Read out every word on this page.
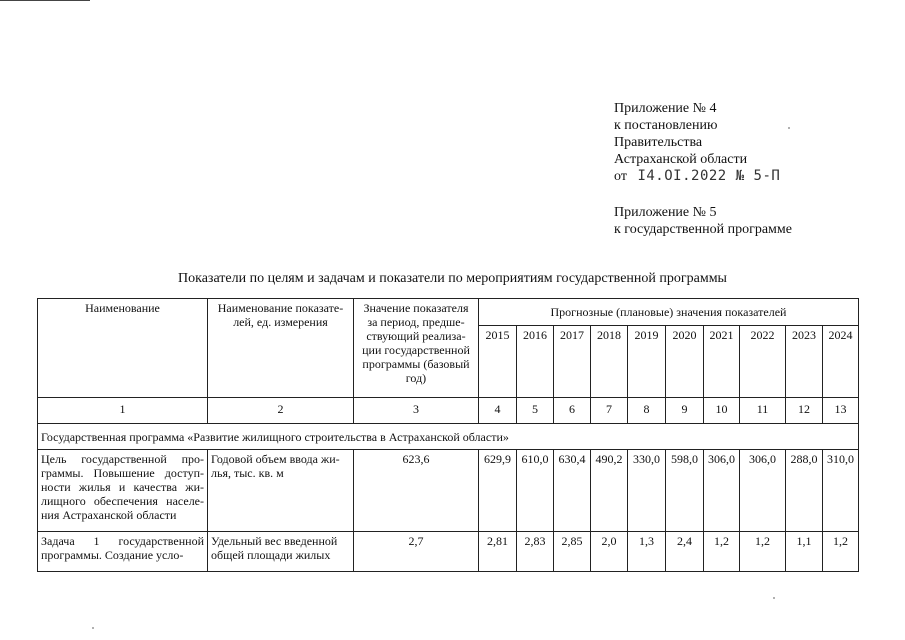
Приложение № 4
к постановлению
Правительства
Астраханской области
от I4.OI.2022 № 5-П
Приложение № 5
к государственной программе
Показатели по целям и задачам и показатели по мероприятиям государственной программы
Наименование	Наименование показате-лей, ед. измерения	Значение показателя за период, предше-ствующий реализа-ции государственной программы (базовый год)	Прогнозные (плановые) значения показателей									
			2015	2016	2017	2018	2019	2020	2021	2022	2023	2024
1	2	3	4	5	6	7	8	9	10	11	12	13
Государственная программа «Развитие жилищного строительства в Астраханской области»												
Цель государственной про-граммы. Повышение доступ-ности жилья и качества жи-лищного обеспечения населе-ния Астраханской области	Годовой объем ввода жи-лья, тыс. кв. м	623,6	629,9	610,0	630,4	490,2	330,0	598,0	306,0	306,0	288,0	310,0
Задача 1 государственной программы. Создание усло-	Удельный вес введенной общей площади жилых	2,7	2,81	2,83	2,85	2,0	1,3	2,4	1,2	1,2	1,1	1,2
